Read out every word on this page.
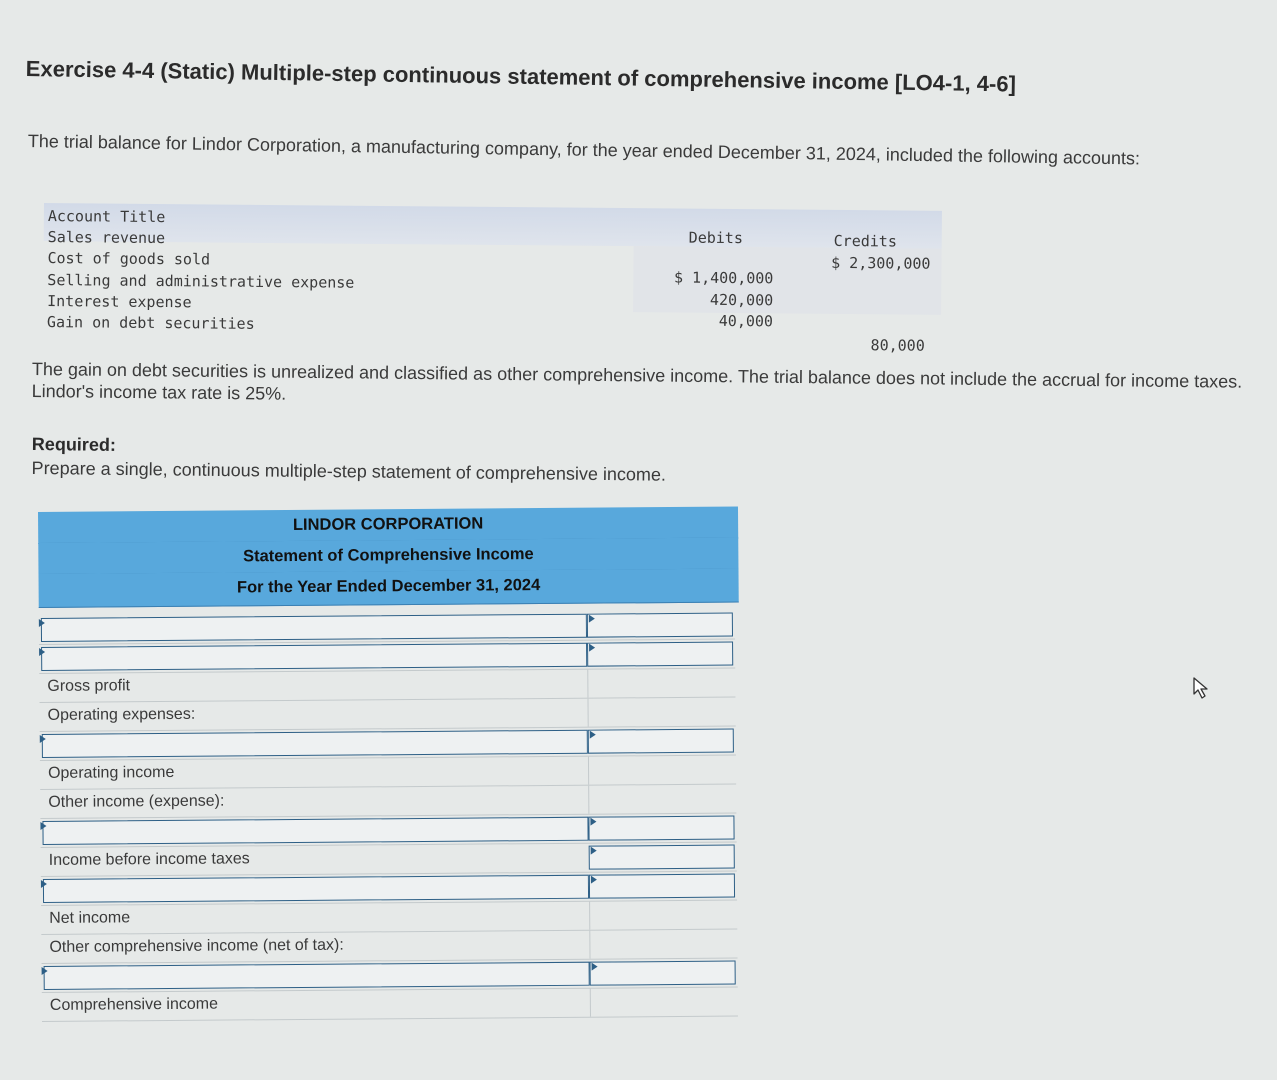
Exercise 4-4 (Static) Multiple-step continuous statement of comprehensive income [LO4-1, 4-6]
The trial balance for Lindor Corporation, a manufacturing company, for the year ended December 31, 2024, included the following accounts:
Account Title
Debits	Credits
Sales revenue
$ 2,300,000
Cost of goods sold
$ 1,400,000
Selling and administrative expense
420,000
Interest expense
40,000
Gain on debt securities
80,000
The gain on debt securities is unrealized and classified as other comprehensive income. The trial balance does not include the accrual for income taxes. Lindor's income tax rate is 25%.
Required:
Prepare a single, continuous multiple-step statement of comprehensive income.
LINDOR CORPORATION
Statement of Comprehensive Income
For the Year Ended December 31, 2024
Gross profit
Operating expenses:
Operating income
Other income (expense):
Income before income taxes
Net income
Other comprehensive income (net of tax):
Comprehensive income
